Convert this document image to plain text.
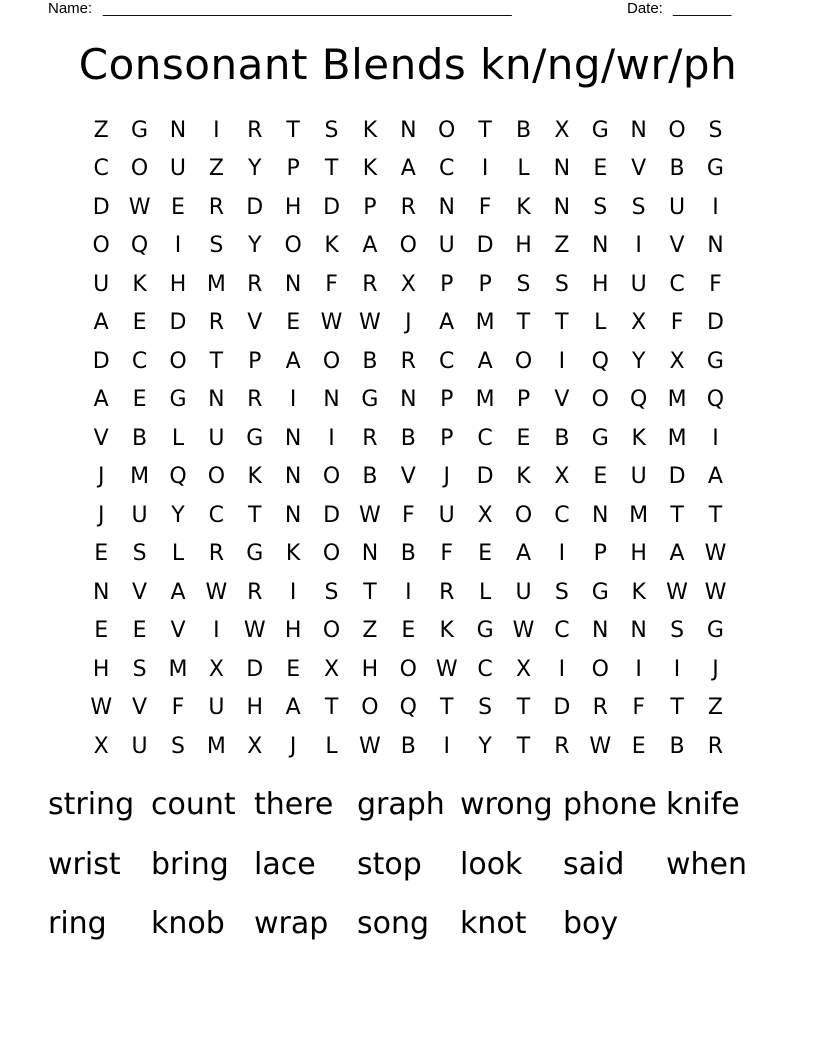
Name: _________________________________________________	Date: _______
Consonant Blends kn/ng/wr/ph
Z	G N	I	R	T	S	K	N O	T	B	X	G N O	S
C	O U	Z	Y	P	T	K	A	C	I	L	N	E	V	B	G
D W E	R	D H D	P	R	N	F	K	N	S	S	U	I
O Q	I	S	Y	O	K	A	O U D H	Z	N	I	V	N
U	K	H M R	N	F	R	X	P	P	S	S	H	U	C	F
A	E	D	R	V	E W W	J	A M	T	T	L	X	F	D
D	C	O	T	P	A	O	B	R	C	A	O	I	Q	Y	X	G
A	E	G N	R	I	N G N	P	M	P	V	O Q M Q
V	B	L	U G N	I	R	B	P	C	E	B	G	K M	I
J	M Q O	K	N O	B	V	J	D	K	X	E	U D	A
J	U	Y	C	T	N D W F	U	X	O	C	N M	T	T
E	S	L	R	G	K	O N	B	F	E	A	I	P	H	A W
N	V	A W R	I	S	T	I	R	L	U	S	G	K W W
E	E	V	I	W H O	Z	E	K	G W C	N N	S	G
H	S M X	D	E	X	H O W C	X	I	O	I	I	J
W V	F	U	H	A	T	O Q	T	S	T	D	R	F	T	Z
X	U	S M X	J	L W B	I	Y	T	R W E	B	R
string count there graph wrong phone knife
wrist	bring lace	stop	look	said	when
ring	knob wrap song	knot	boy
